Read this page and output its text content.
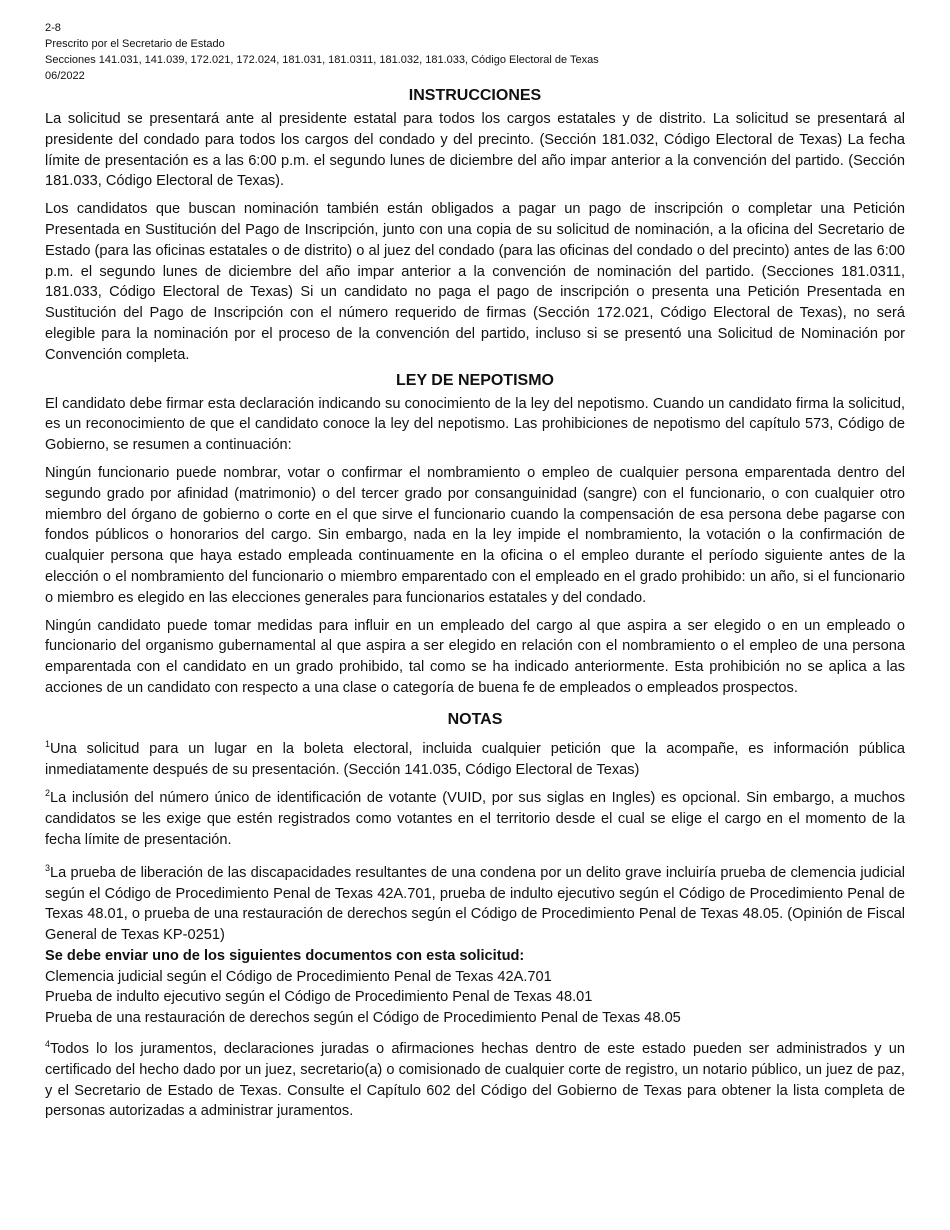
2-8
Prescrito por el Secretario de Estado
Secciones 141.031, 141.039, 172.021, 172.024, 181.031, 181.0311, 181.032, 181.033, Código Electoral de Texas
06/2022
INSTRUCCIONES

La solicitud se presentará ante al presidente estatal para todos los cargos estatales y de distrito. La solicitud se presentará al presidente del condado para todos los cargos del condado y del precinto. (Sección 181.032, Código Electoral de Texas) La fecha límite de presentación es a las 6:00 p.m. el segundo lunes de diciembre del año impar anterior a la convención del partido. (Sección 181.033, Código Electoral de Texas).

Los candidatos que buscan nominación también están obligados a pagar un pago de inscripción o completar una Petición Presentada en Sustitución del Pago de Inscripción, junto con una copia de su solicitud de nominación, a la oficina del Secretario de Estado (para las oficinas estatales o de distrito) o al juez del condado (para las oficinas del condado o del precinto) antes de las 6:00 p.m. el segundo lunes de diciembre del año impar anterior a la convención de nominación del partido. (Secciones 181.0311, 181.033, Código Electoral de Texas) Si un candidato no paga el pago de inscripción o presenta una Petición Presentada en Sustitución del Pago de Inscripción con el número requerido de firmas (Sección 172.021, Código Electoral de Texas), no será elegible para la nominación por el proceso de la convención del partido, incluso si se presentó una Solicitud de Nominación por Convención completa.

LEY DE NEPOTISMO

El candidato debe firmar esta declaración indicando su conocimiento de la ley del nepotismo. Cuando un candidato firma la solicitud, es un reconocimiento de que el candidato conoce la ley del nepotismo. Las prohibiciones de nepotismo del capítulo 573, Código de Gobierno, se resumen a continuación:

Ningún funcionario puede nombrar, votar o confirmar el nombramiento o empleo de cualquier persona emparentada dentro del segundo grado por afinidad (matrimonio) o del tercer grado por consanguinidad (sangre) con el funcionario, o con cualquier otro miembro del órgano de gobierno o corte en el que sirve el funcionario cuando la compensación de esa persona debe pagarse con fondos públicos o honorarios del cargo. Sin embargo, nada en la ley impide el nombramiento, la votación o la confirmación de cualquier persona que haya estado empleada continuamente en la oficina o el empleo durante el período siguiente antes de la elección o el nombramiento del funcionario o miembro emparentado con el empleado en el grado prohibido: un año, si el funcionario o miembro es elegido en las elecciones generales para funcionarios estatales y del condado.

Ningún candidato puede tomar medidas para influir en un empleado del cargo al que aspira a ser elegido o en un empleado o funcionario del organismo gubernamental al que aspira a ser elegido en relación con el nombramiento o el empleo de una persona emparentada con el candidato en un grado prohibido, tal como se ha indicado anteriormente. Esta prohibición no se aplica a las acciones de un candidato con respecto a una clase o categoría de buena fe de empleados o empleados prospectos.

NOTAS

$^1$Una solicitud para un lugar en la boleta electoral, incluida cualquier petición que la acompañe, es información pública inmediatamente después de su presentación. (Sección 141.035, Código Electoral de Texas)

$^2$La inclusión del número único de identificación de votante (VUID, por sus siglas en Ingles) es opcional. Sin embargo, a muchos candidatos se les exige que estén registrados como votantes en el territorio desde el cual se elige el cargo en el momento de la fecha límite de presentación.

$^3$La prueba de liberación de las discapacidades resultantes de una condena por un delito grave incluiría prueba de clemencia judicial según el Código de Procedimiento Penal de Texas 42A.701, prueba de indulto ejecutivo según el Código de Procedimiento Penal de Texas 48.01, o prueba de una restauración de derechos según el Código de Procedimiento Penal de Texas 48.05. (Opinión de Fiscal General de Texas KP-0251)

Se debe enviar uno de los siguientes documentos con esta solicitud:
Clemencia judicial según el Código de Procedimiento Penal de Texas 42A.701
Prueba de indulto ejecutivo según el Código de Procedimiento Penal de Texas 48.01
Prueba de una restauración de derechos según el Código de Procedimiento Penal de Texas 48.05

$^4$Todos lo los juramentos, declaraciones juradas o afirmaciones hechas dentro de este estado pueden ser administrados y un certificado del hecho dado por un juez, secretario(a) o comisionado de cualquier corte de registro, un notario público, un juez de paz, y el Secretario de Estado de Texas. Consulte el Capítulo 602 del Código del Gobierno de Texas para obtener la lista completa de personas autorizadas a administrar juramentos.
